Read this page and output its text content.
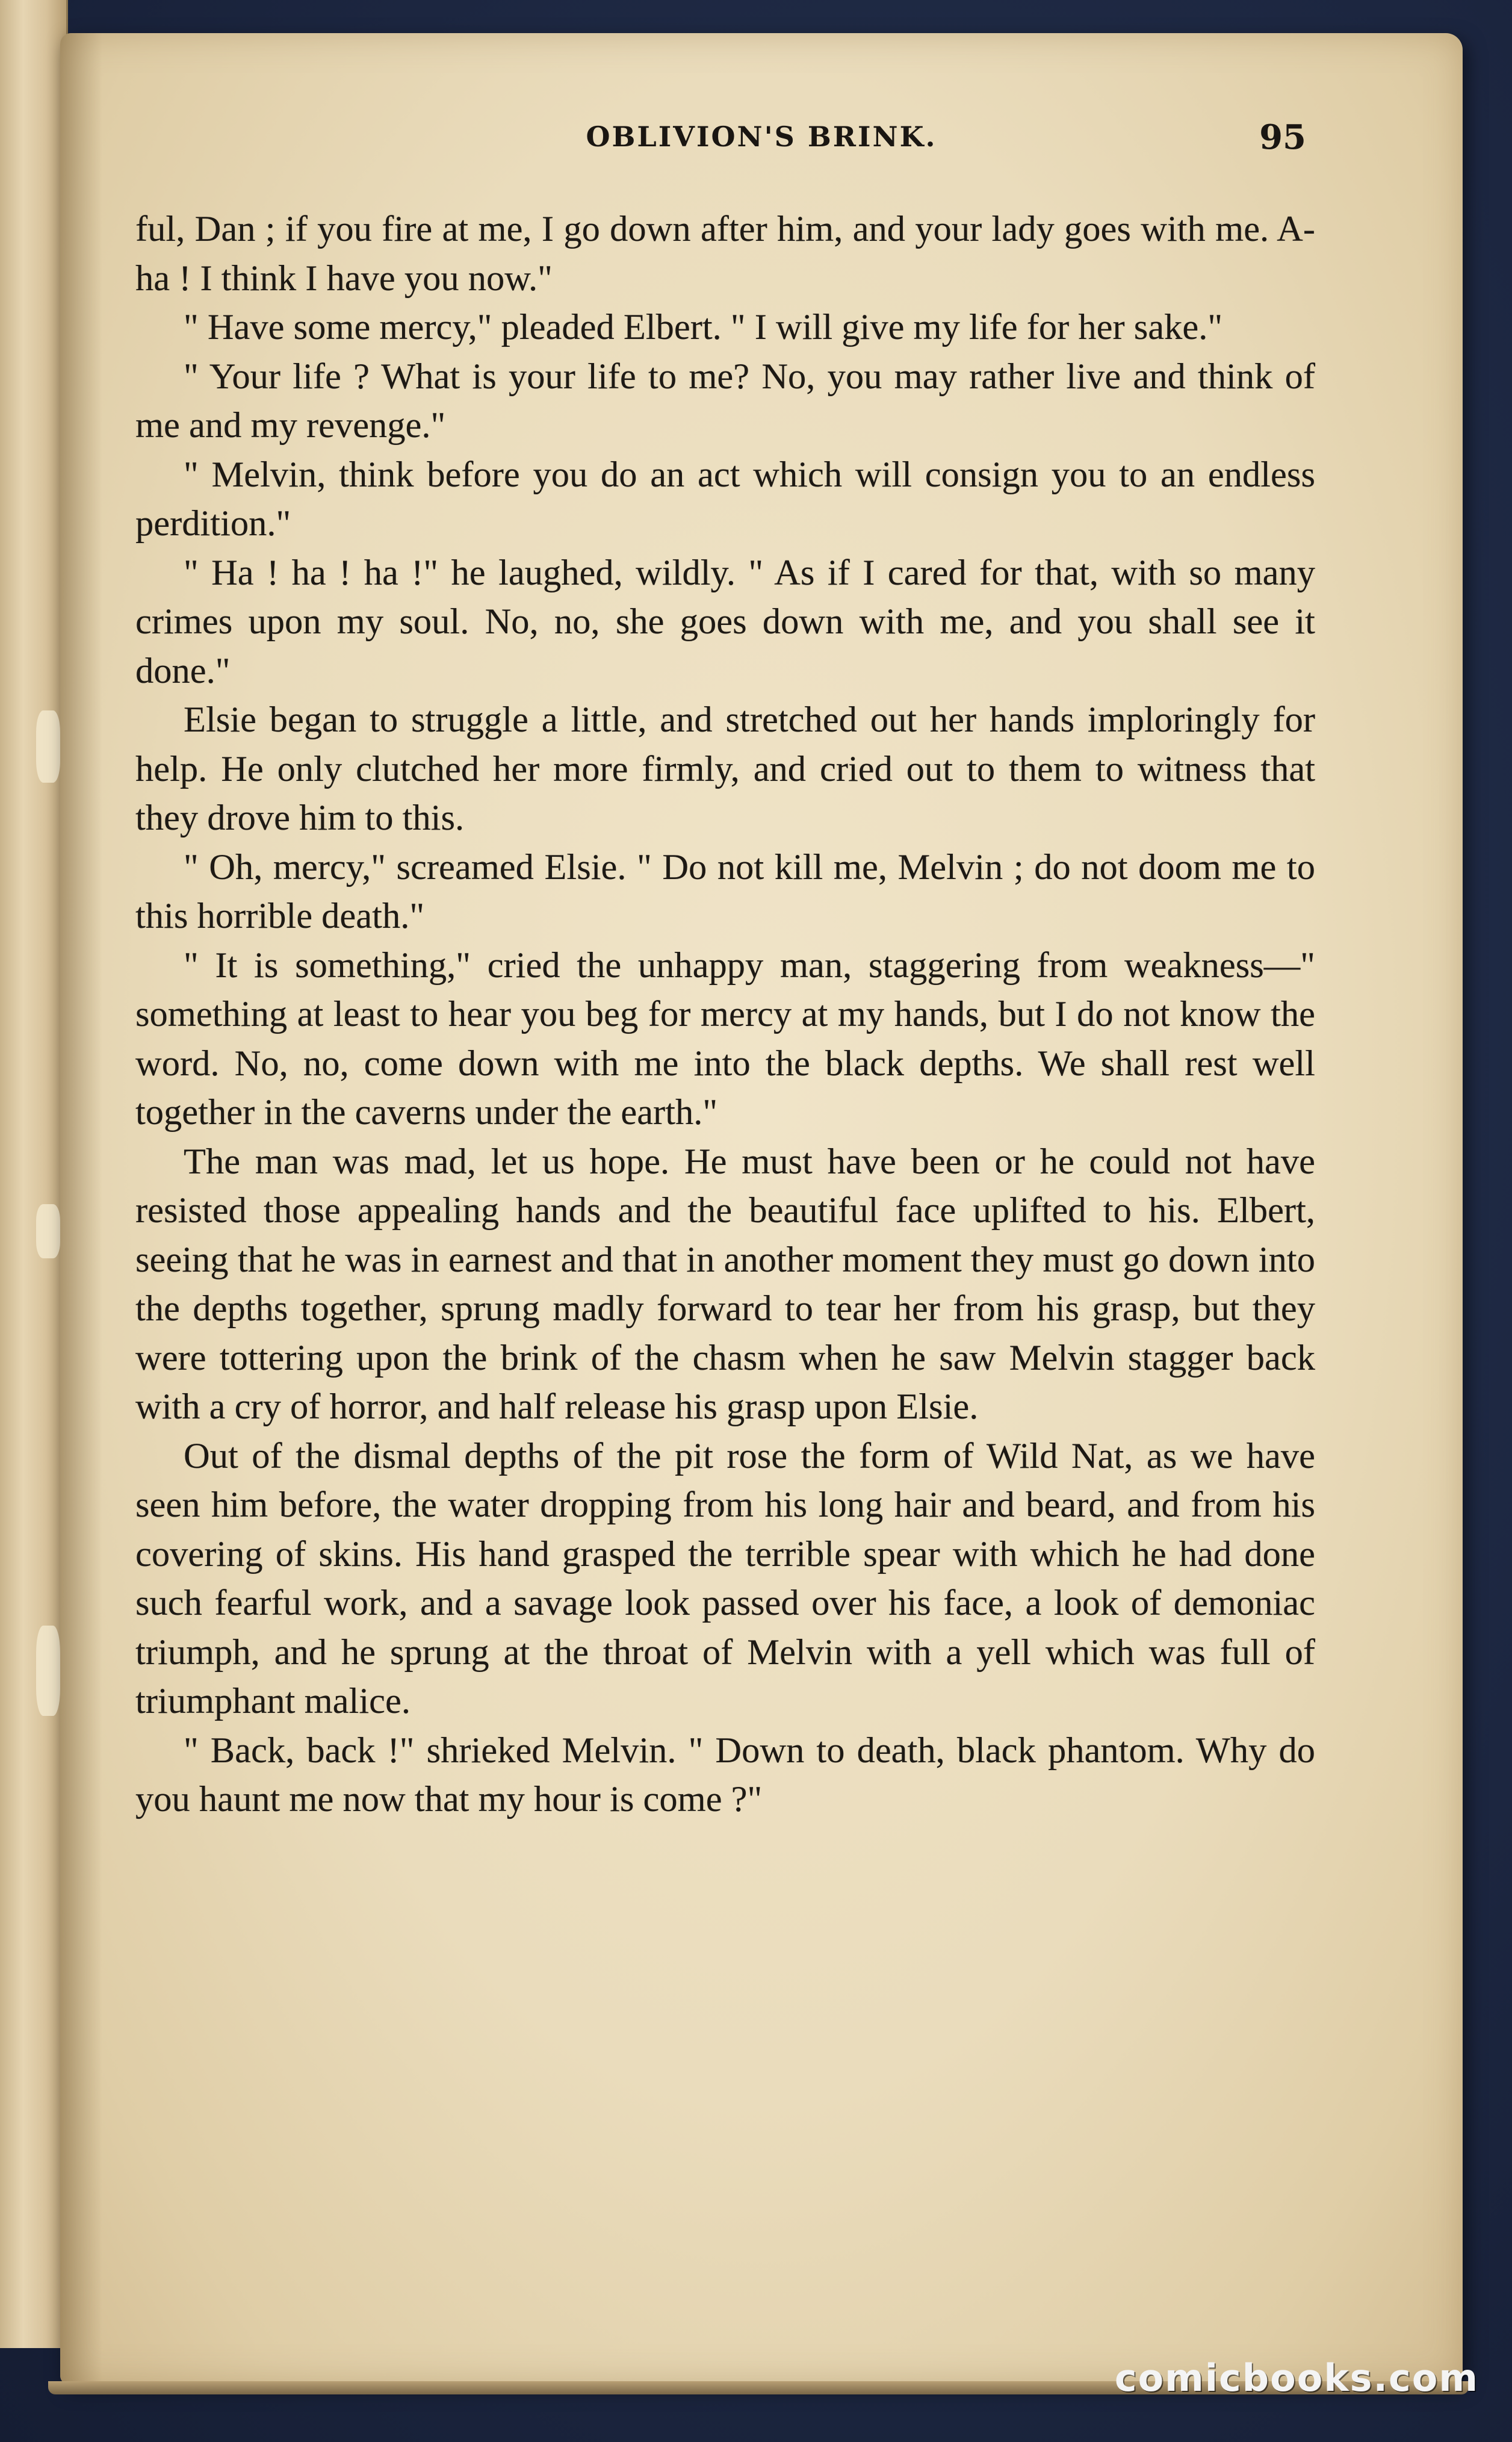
OBLIVION'S BRINK.	95

ful, Dan ; if you fire at me, I go down after him, and your lady goes with me. A-ha ! I think I have you now."

" Have some mercy," pleaded Elbert. " I will give my life for her sake."

" Your life ? What is your life to me? No, you may rather live and think of me and my revenge."

" Melvin, think before you do an act which will consign you to an endless perdition."

" Ha ! ha ! ha !" he laughed, wildly. " As if I cared for that, with so many crimes upon my soul. No, no, she goes down with me, and you shall see it done."

Elsie began to struggle a little, and stretched out her hands imploringly for help. He only clutched her more firmly, and cried out to them to witness that they drove him to this.

" Oh, mercy," screamed Elsie. " Do not kill me, Melvin ; do not doom me to this horrible death."

" It is something," cried the unhappy man, staggering from weakness—" something at least to hear you beg for mercy at my hands, but I do not know the word. No, no, come down with me into the black depths. We shall rest well together in the caverns under the earth."

The man was mad, let us hope. He must have been or he could not have resisted those appealing hands and the beautiful face uplifted to his. Elbert, seeing that he was in earnest and that in another moment they must go down into the depths together, sprung madly forward to tear her from his grasp, but they were tottering upon the brink of the chasm when he saw Melvin stagger back with a cry of horror, and half release his grasp upon Elsie.

Out of the dismal depths of the pit rose the form of Wild Nat, as we have seen him before, the water dropping from his long hair and beard, and from his covering of skins. His hand grasped the terrible spear with which he had done such fearful work, and a savage look passed over his face, a look of demoniac triumph, and he sprung at the throat of Melvin with a yell which was full of triumphant malice.

" Back, back !" shrieked Melvin. " Down to death, black phantom. Why do you haunt me now that my hour is come ?"

comicbooks.com
